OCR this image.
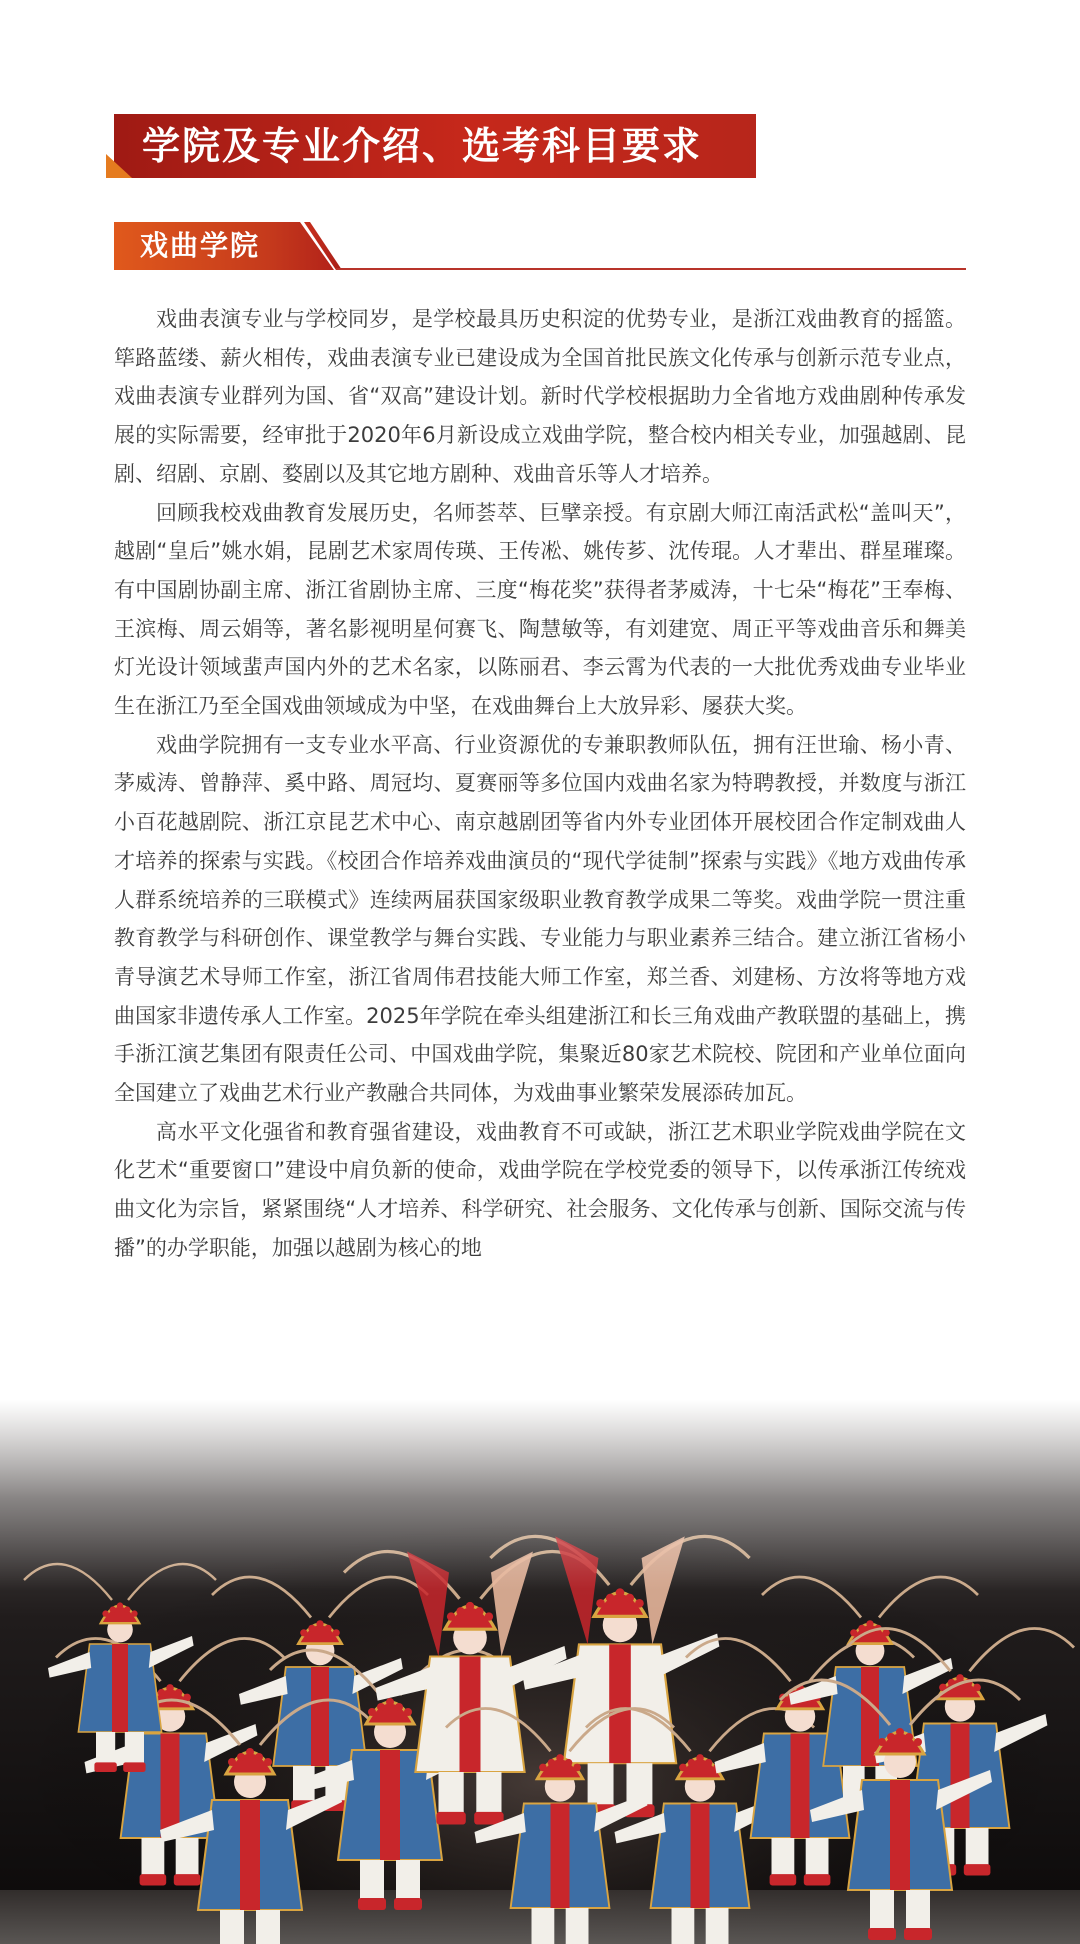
学院及专业介绍、选考科目要求
戏曲学院

戏曲表演专业与学校同岁，是学校最具历史积淀的优势专业，是浙江戏曲教育的摇篮。筚路蓝缕、薪火相传，戏曲表演专业已建设成为全国首批民族文化传承与创新示范专业点，戏曲表演专业群列为国、省“双高”建设计划。新时代学校根据助力全省地方戏曲剧种传承发展的实际需要，经审批于2020年6月新设成立戏曲学院，整合校内相关专业，加强越剧、昆剧、绍剧、京剧、婺剧以及其它地方剧种、戏曲音乐等人才培养。

回顾我校戏曲教育发展历史，名师荟萃、巨擘亲授。有京剧大师江南活武松“盖叫天”，越剧“皇后”姚水娟，昆剧艺术家周传瑛、王传凇、姚传芗、沈传琨。人才辈出、群星璀璨。有中国剧协副主席、浙江省剧协主席、三度“梅花奖”获得者茅威涛，十七朵“梅花”王奉梅、王滨梅、周云娟等，著名影视明星何赛飞、陶慧敏等，有刘建宽、周正平等戏曲音乐和舞美灯光设计领域蜚声国内外的艺术名家，以陈丽君、李云霄为代表的一大批优秀戏曲专业毕业生在浙江乃至全国戏曲领域成为中坚，在戏曲舞台上大放异彩、屡获大奖。

戏曲学院拥有一支专业水平高、行业资源优的专兼职教师队伍，拥有汪世瑜、杨小青、茅威涛、曾静萍、奚中路、周冠均、夏赛丽等多位国内戏曲名家为特聘教授，并数度与浙江小百花越剧院、浙江京昆艺术中心、南京越剧团等省内外专业团体开展校团合作定制戏曲人才培养的探索与实践。《校团合作培养戏曲演员的“现代学徒制”探索与实践》《地方戏曲传承人群系统培养的三联模式》连续两届获国家级职业教育教学成果二等奖。戏曲学院一贯注重教育教学与科研创作、课堂教学与舞台实践、专业能力与职业素养三结合。建立浙江省杨小青导演艺术导师工作室，浙江省周伟君技能大师工作室，郑兰香、刘建杨、方汝将等地方戏曲国家非遗传承人工作室。2025年学院在牵头组建浙江和长三角戏曲产教联盟的基础上，携手浙江演艺集团有限责任公司、中国戏曲学院，集聚近80家艺术院校、院团和产业单位面向全国建立了戏曲艺术行业产教融合共同体，为戏曲事业繁荣发展添砖加瓦。

高水平文化强省和教育强省建设，戏曲教育不可或缺，浙江艺术职业学院戏曲学院在文化艺术“重要窗口”建设中肩负新的使命，戏曲学院在学校党委的领导下，以传承浙江传统戏曲文化为宗旨，紧紧围绕“人才培养、科学研究、社会服务、文化传承与创新、国际交流与传播”的办学职能，加强以越剧为核心的地
